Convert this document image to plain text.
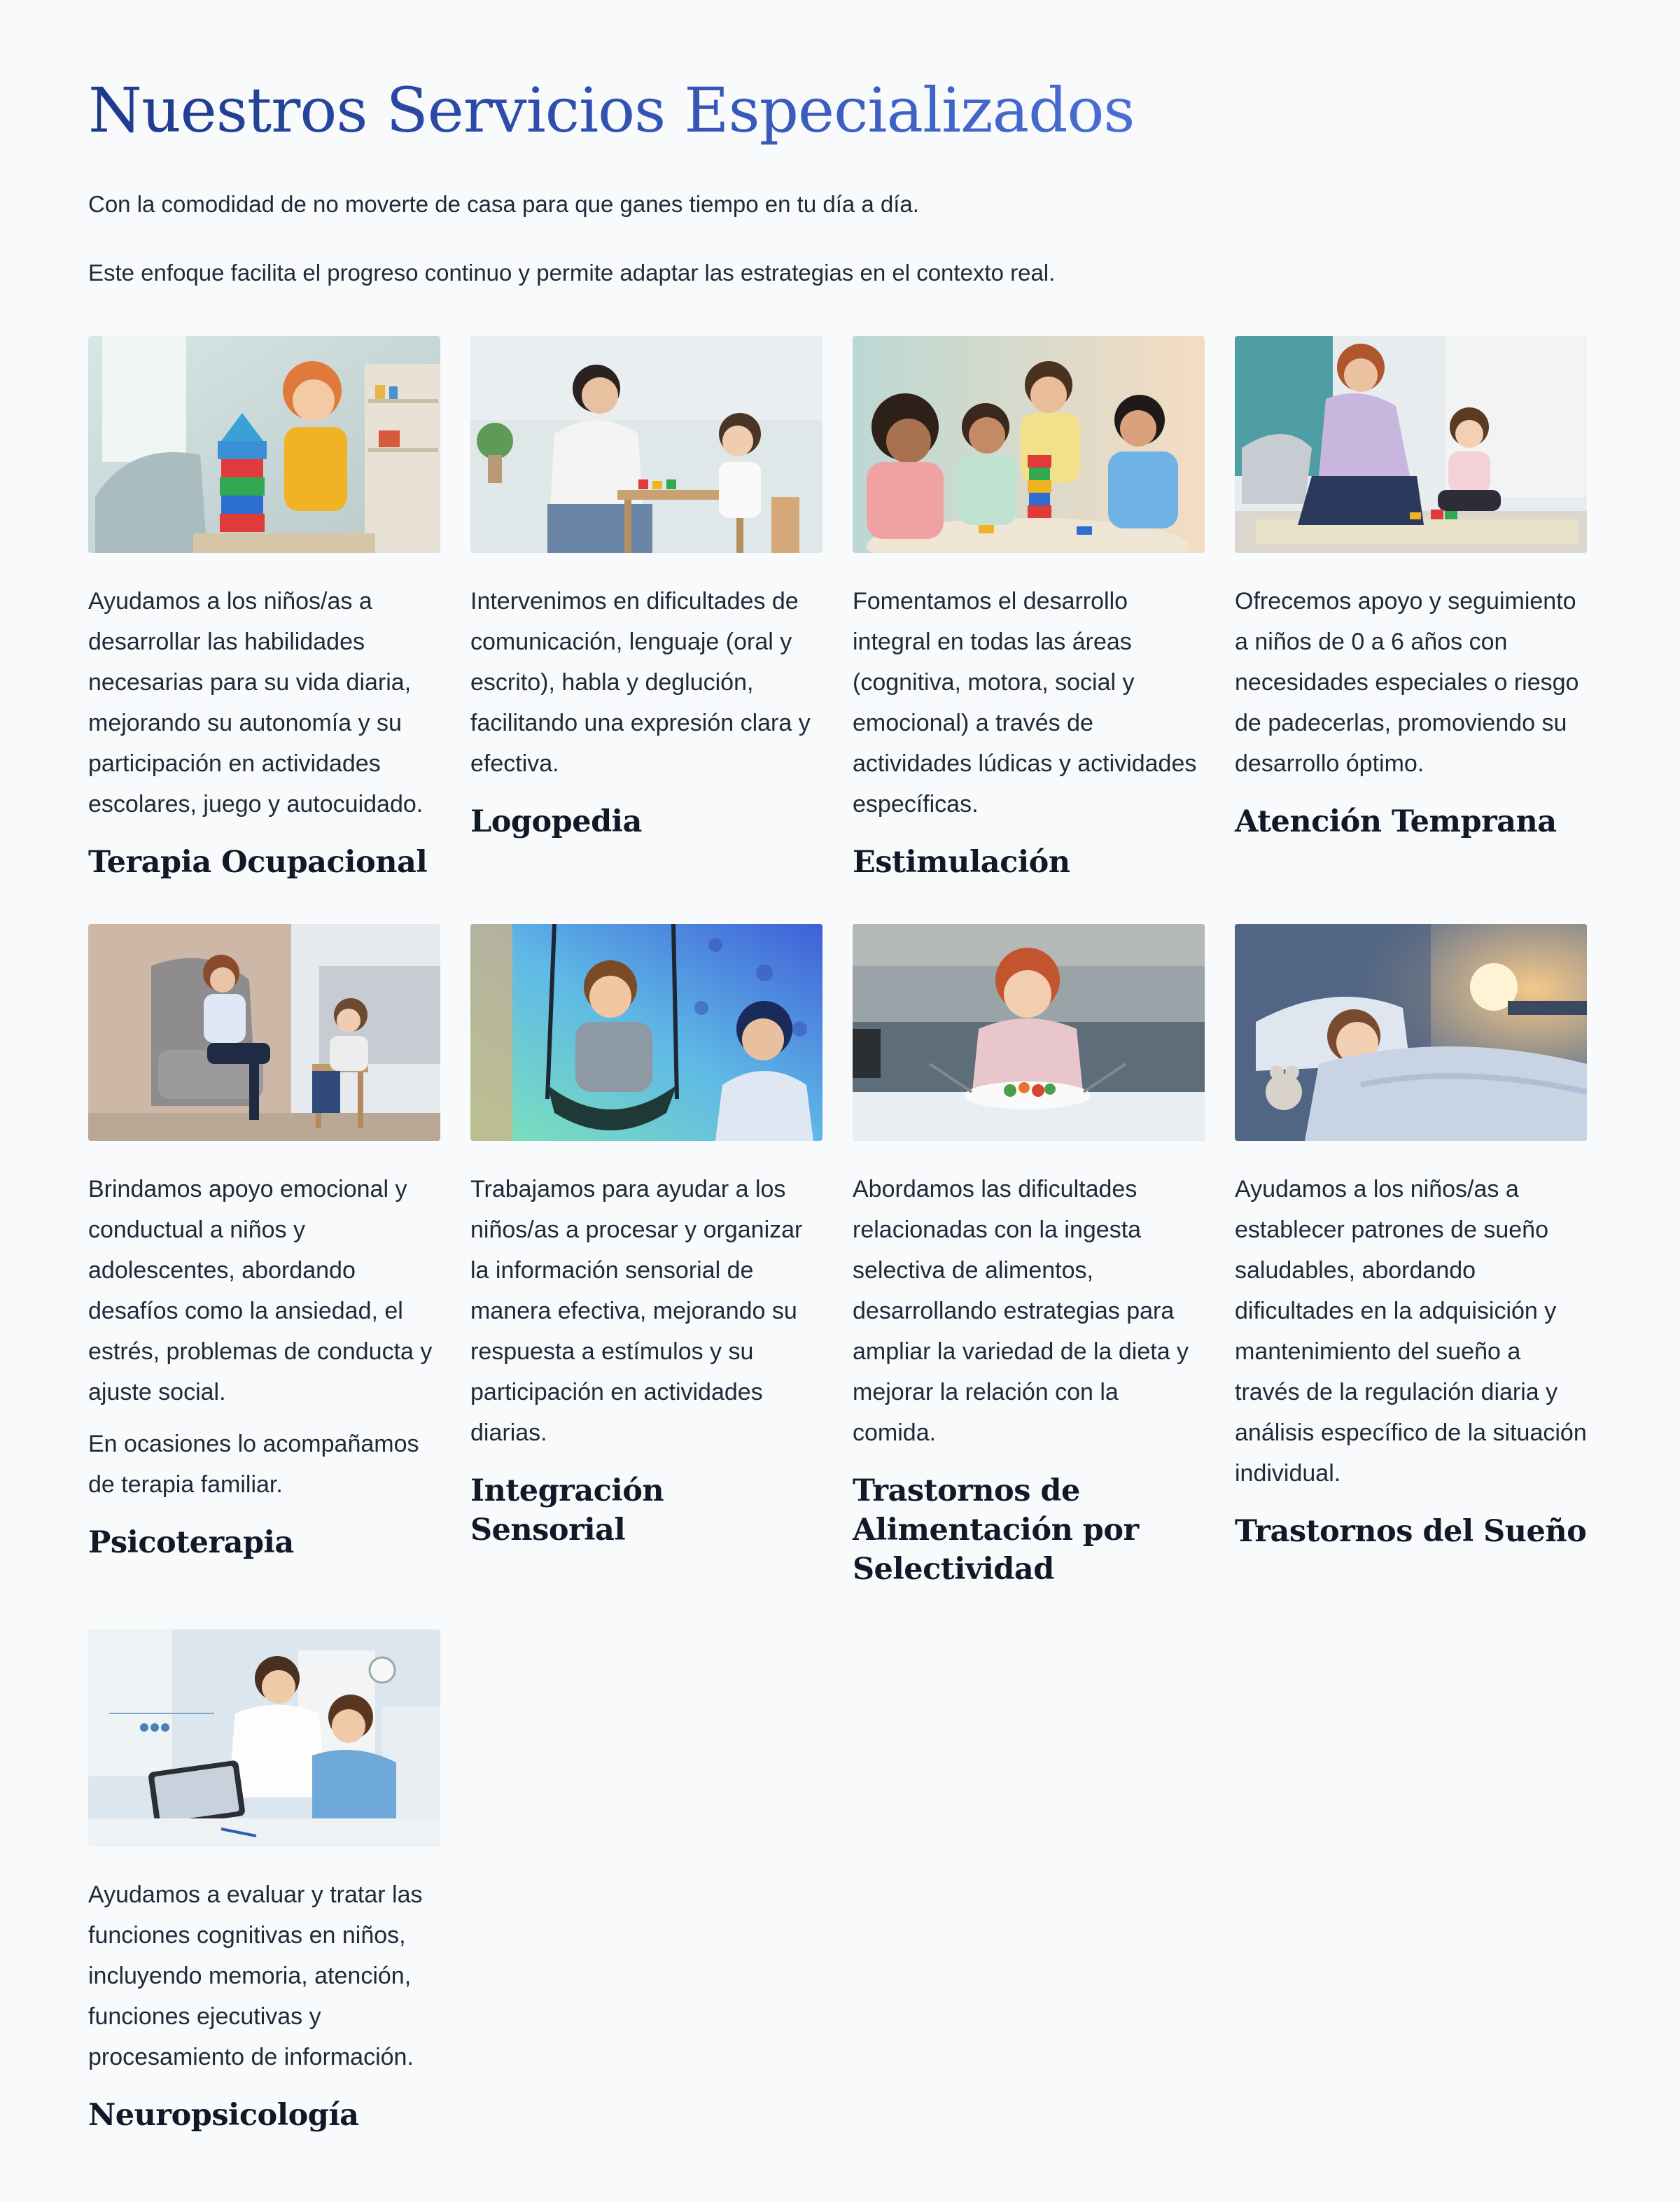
Nuestros Servicios Especializados

Con la comodidad de no moverte de casa para que ganes tiempo en tu día a día.

Este enfoque facilita el progreso continuo y permite adaptar las estrategias en el contexto real.

Ayudamos a los niños/as a desarrollar las habilidades necesarias para su vida diaria, mejorando su autonomía y su participación en actividades escolares, juego y autocuidado.

Terapia Ocupacional

Intervenimos en dificultades de comunicación, lenguaje (oral y escrito), habla y deglución, facilitando una expresión clara y efectiva.

Logopedia

Fomentamos el desarrollo integral en todas las áreas (cognitiva, motora, social y emocional) a través de actividades lúdicas y actividades específicas.

Estimulación

Ofrecemos apoyo y seguimiento a niños de 0 a 6 años con necesidades especiales o riesgo de padecerlas, promoviendo su desarrollo óptimo.

Atención Temprana

Brindamos apoyo emocional y conductual a niños y adolescentes, abordando desafíos como la ansiedad, el estrés, problemas de conducta y ajuste social.

En ocasiones lo acompañamos de terapia familiar.

Psicoterapia

Trabajamos para ayudar a los niños/as a procesar y organizar la información sensorial de manera efectiva, mejorando su respuesta a estímulos y su participación en actividades diarias.

Integración Sensorial

Abordamos las dificultades relacionadas con la ingesta selectiva de alimentos, desarrollando estrategias para ampliar la variedad de la dieta y mejorar la relación con la comida.

Trastornos de Alimentación por Selectividad

Ayudamos a los niños/as a establecer patrones de sueño saludables, abordando dificultades en la adquisición y mantenimiento del sueño a través de la regulación diaria y análisis específico de la situación individual.

Trastornos del Sueño

Ayudamos a evaluar y tratar las funciones cognitivas en niños, incluyendo memoria, atención, funciones ejecutivas y procesamiento de información.

Neuropsicología
